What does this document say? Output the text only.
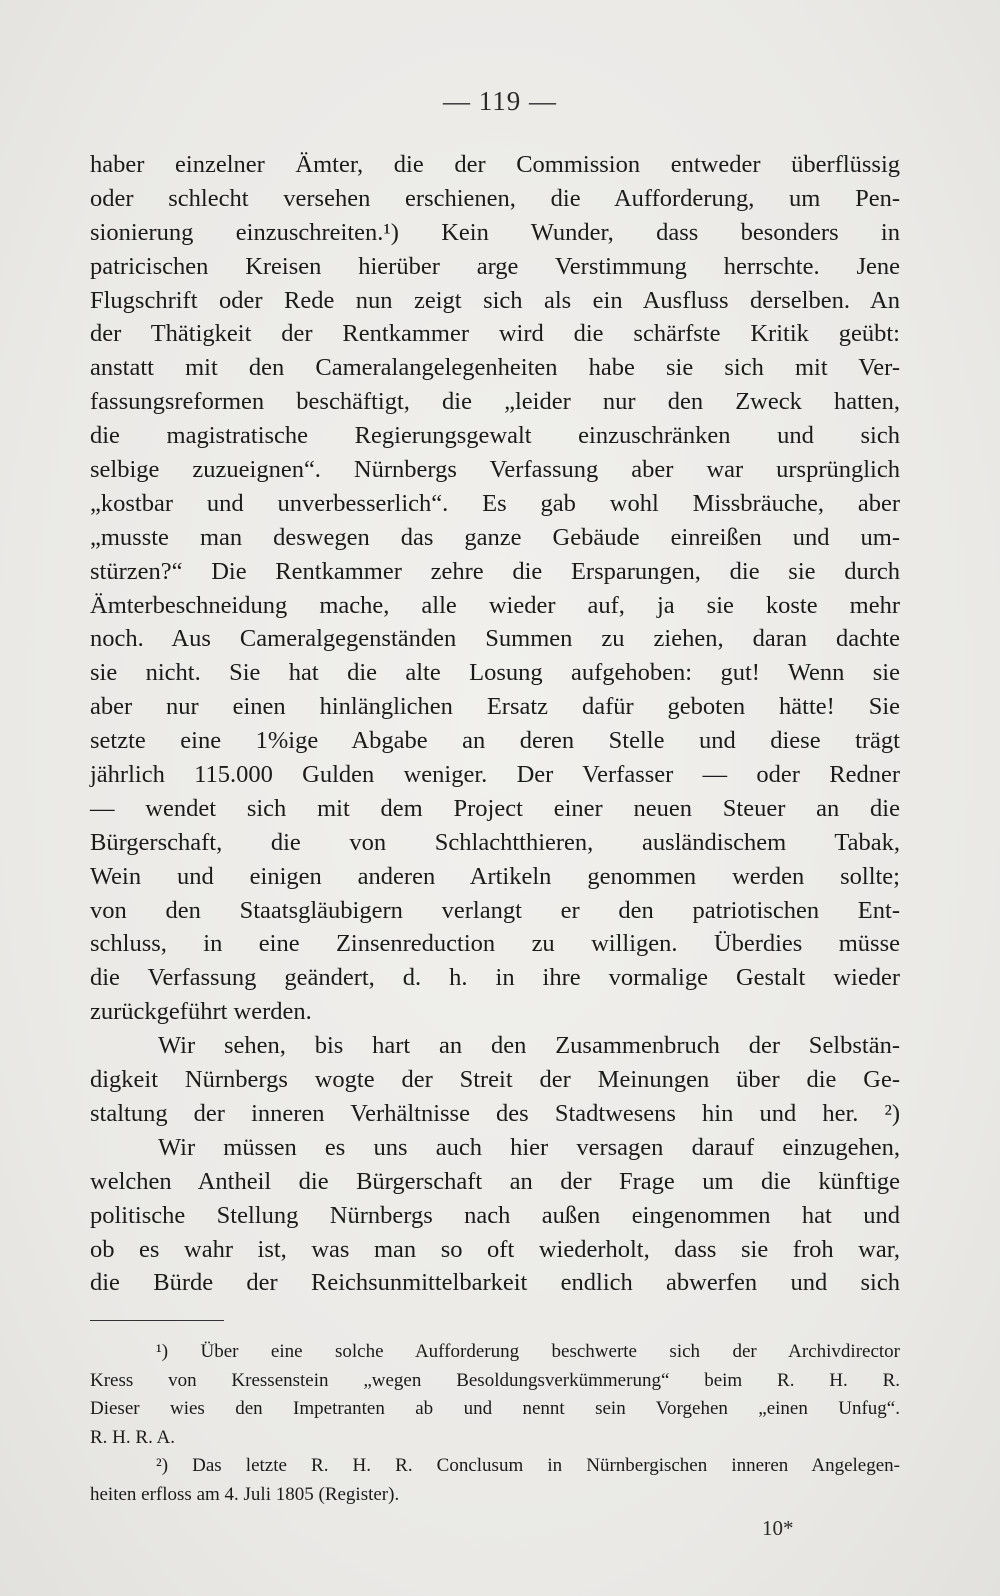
— 119 —
haber einzelner Ämter, die der Commission entweder überflüssig
oder schlecht versehen erschienen, die Aufforderung, um Pen-
sionierung einzuschreiten.¹) Kein Wunder, dass besonders in
patricischen Kreisen hierüber arge Verstimmung herrschte. Jene
Flugschrift oder Rede nun zeigt sich als ein Ausfluss derselben. An
der Thätigkeit der Rentkammer wird die schärfste Kritik geübt:
anstatt mit den Cameralangelegenheiten habe sie sich mit Ver-
fassungsreformen beschäftigt, die „leider nur den Zweck hatten,
die magistratische Regierungsgewalt einzuschränken und sich
selbige zuzueignen“. Nürnbergs Verfassung aber war ursprünglich
„kostbar und unverbesserlich“. Es gab wohl Missbräuche, aber
„musste man deswegen das ganze Gebäude einreißen und um-
stürzen?“ Die Rentkammer zehre die Ersparungen, die sie durch
Ämterbeschneidung mache, alle wieder auf, ja sie koste mehr
noch. Aus Cameralgegenständen Summen zu ziehen, daran dachte
sie nicht. Sie hat die alte Losung aufgehoben: gut! Wenn sie
aber nur einen hinlänglichen Ersatz dafür geboten hätte! Sie
setzte eine 1%ige Abgabe an deren Stelle und diese trägt
jährlich 115.000 Gulden weniger. Der Verfasser — oder Redner
— wendet sich mit dem Project einer neuen Steuer an die
Bürgerschaft, die von Schlachtthieren, ausländischem Tabak,
Wein und einigen anderen Artikeln genommen werden sollte;
von den Staatsgläubigern verlangt er den patriotischen Ent-
schluss, in eine Zinsenreduction zu willigen. Überdies müsse
die Verfassung geändert, d. h. in ihre vormalige Gestalt wieder
zurückgeführt werden.
Wir sehen, bis hart an den Zusammenbruch der Selbstän-
digkeit Nürnbergs wogte der Streit der Meinungen über die Ge-
staltung der inneren Verhältnisse des Stadtwesens hin und her. ²)
Wir müssen es uns auch hier versagen darauf einzugehen,
welchen Antheil die Bürgerschaft an der Frage um die künftige
politische Stellung Nürnbergs nach außen eingenommen hat und
ob es wahr ist, was man so oft wiederholt, dass sie froh war,
die Bürde der Reichsunmittelbarkeit endlich abwerfen und sich
¹) Über eine solche Aufforderung beschwerte sich der Archivdirector
Kress von Kressenstein „wegen Besoldungsverkümmerung“ beim R. H. R.
Dieser wies den Impetranten ab und nennt sein Vorgehen „einen Unfug“.
R. H. R. A.
²) Das letzte R. H. R. Conclusum in Nürnbergischen inneren Angelegen-
heiten erfloss am 4. Juli 1805 (Register).
10*
